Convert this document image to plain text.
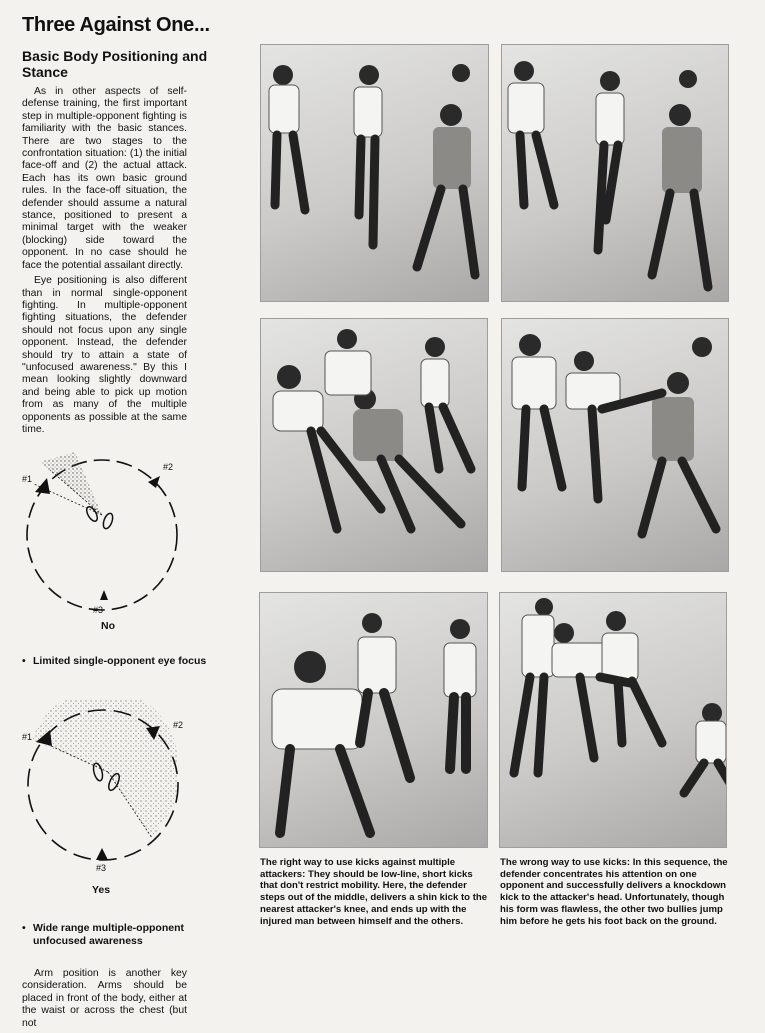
Three Against One...
Basic Body Positioning and Stance

As in other aspects of self-defense training, the first important step in multiple-opponent fighting is familiarity with the basic stances. There are two stages to the confrontation situation: (1) the initial face-off and (2) the actual attack. Each has its own basic ground rules. In the face-off situation, the defender should assume a natural stance, positioned to present a minimal target with the weaker (blocking) side toward the opponent. In no case should he face the potential assailant directly.

Eye positioning is also different than in normal single-opponent fighting. In multiple-opponent fighting situations, the defender should not focus upon any single opponent. Instead, the defender should try to attain a state of "unfocused awareness." By this I mean looking slightly downward and being able to pick up motion from as many of the multiple opponents as possible at the same time.

#1
#2
#3
No
• Limited single-opponent eye focus
#1
#2
#3
Yes
• Wide range multiple-opponent unfocused awareness

Arm position is another key consideration. Arms should be placed in front of the body, either at the waist or across the chest (but not

The right way to use kicks against multiple attackers: They should be low-line, short kicks that don't restrict mobility. Here, the defender steps out of the middle, delivers a shin kick to the nearest attacker's knee, and ends up with the injured man between himself and the others.
The wrong way to use kicks: In this sequence, the defender concentrates his attention on one opponent and successfully delivers a knockdown kick to the attacker's head. Unfortunately, though his form was flawless, the other two bullies jump him before he gets his foot back on the ground.
